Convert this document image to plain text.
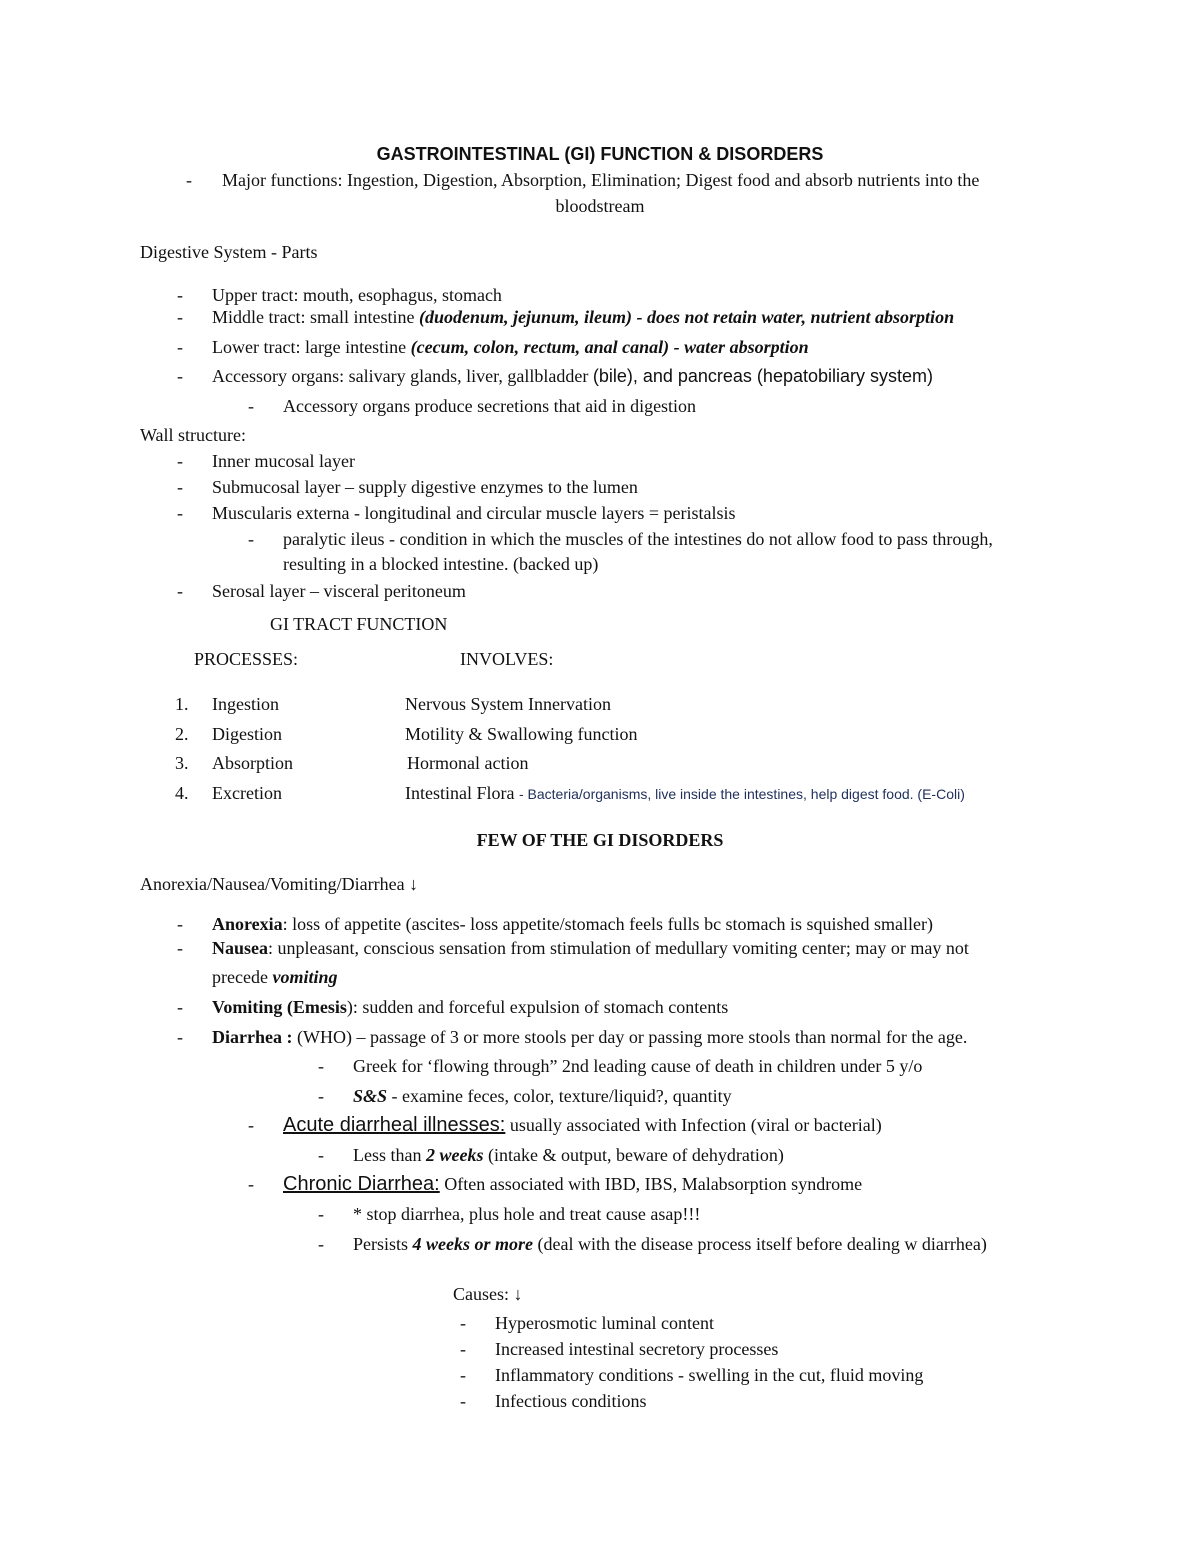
GASTROINTESTINAL (GI) FUNCTION & DISORDERS
- Major functions: Ingestion, Digestion, Absorption, Elimination; Digest food and absorb nutrients into the
bloodstream
Digestive System - Parts
- Upper tract: mouth, esophagus, stomach
- Middle tract: small intestine (duodenum, jejunum, ileum) - does not retain water, nutrient absorption
- Lower tract: large intestine (cecum, colon, rectum, anal canal) - water absorption
- Accessory organs: salivary glands, liver, gallbladder (bile), and pancreas (hepatobiliary system)
- Accessory organs produce secretions that aid in digestion
Wall structure:
- Inner mucosal layer
- Submucosal layer – supply digestive enzymes to the lumen
- Muscularis externa - longitudinal and circular muscle layers = peristalsis
- paralytic ileus - condition in which the muscles of the intestines do not allow food to pass through,
resulting in a blocked intestine. (backed up)
- Serosal layer – visceral peritoneum
GI TRACT FUNCTION
PROCESSES:	INVOLVES:
1. Ingestion	Nervous System Innervation
2. Digestion	Motility & Swallowing function
3. Absorption	Hormonal action
4. Excretion	Intestinal Flora - Bacteria/organisms, live inside the intestines, help digest food. (E-Coli)
FEW OF THE GI DISORDERS
Anorexia/Nausea/Vomiting/Diarrhea ↓
- Anorexia: loss of appetite (ascites- loss appetite/stomach feels fulls bc stomach is squished smaller)
- Nausea: unpleasant, conscious sensation from stimulation of medullary vomiting center; may or may not
precede vomiting
- Vomiting (Emesis): sudden and forceful expulsion of stomach contents
- Diarrhea : (WHO) – passage of 3 or more stools per day or passing more stools than normal for the age.
- Greek for ‘flowing through” 2nd leading cause of death in children under 5 y/o
- S&S - examine feces, color, texture/liquid?, quantity
- Acute diarrheal illnesses: usually associated with Infection (viral or bacterial)
- Less than 2 weeks (intake & output, beware of dehydration)
- Chronic Diarrhea: Often associated with IBD, IBS, Malabsorption syndrome
- * stop diarrhea, plus hole and treat cause asap!!!
- Persists 4 weeks or more (deal with the disease process itself before dealing w diarrhea)
Causes: ↓
- Hyperosmotic luminal content
- Increased intestinal secretory processes
- Inflammatory conditions - swelling in the cut, fluid moving
- Infectious conditions
